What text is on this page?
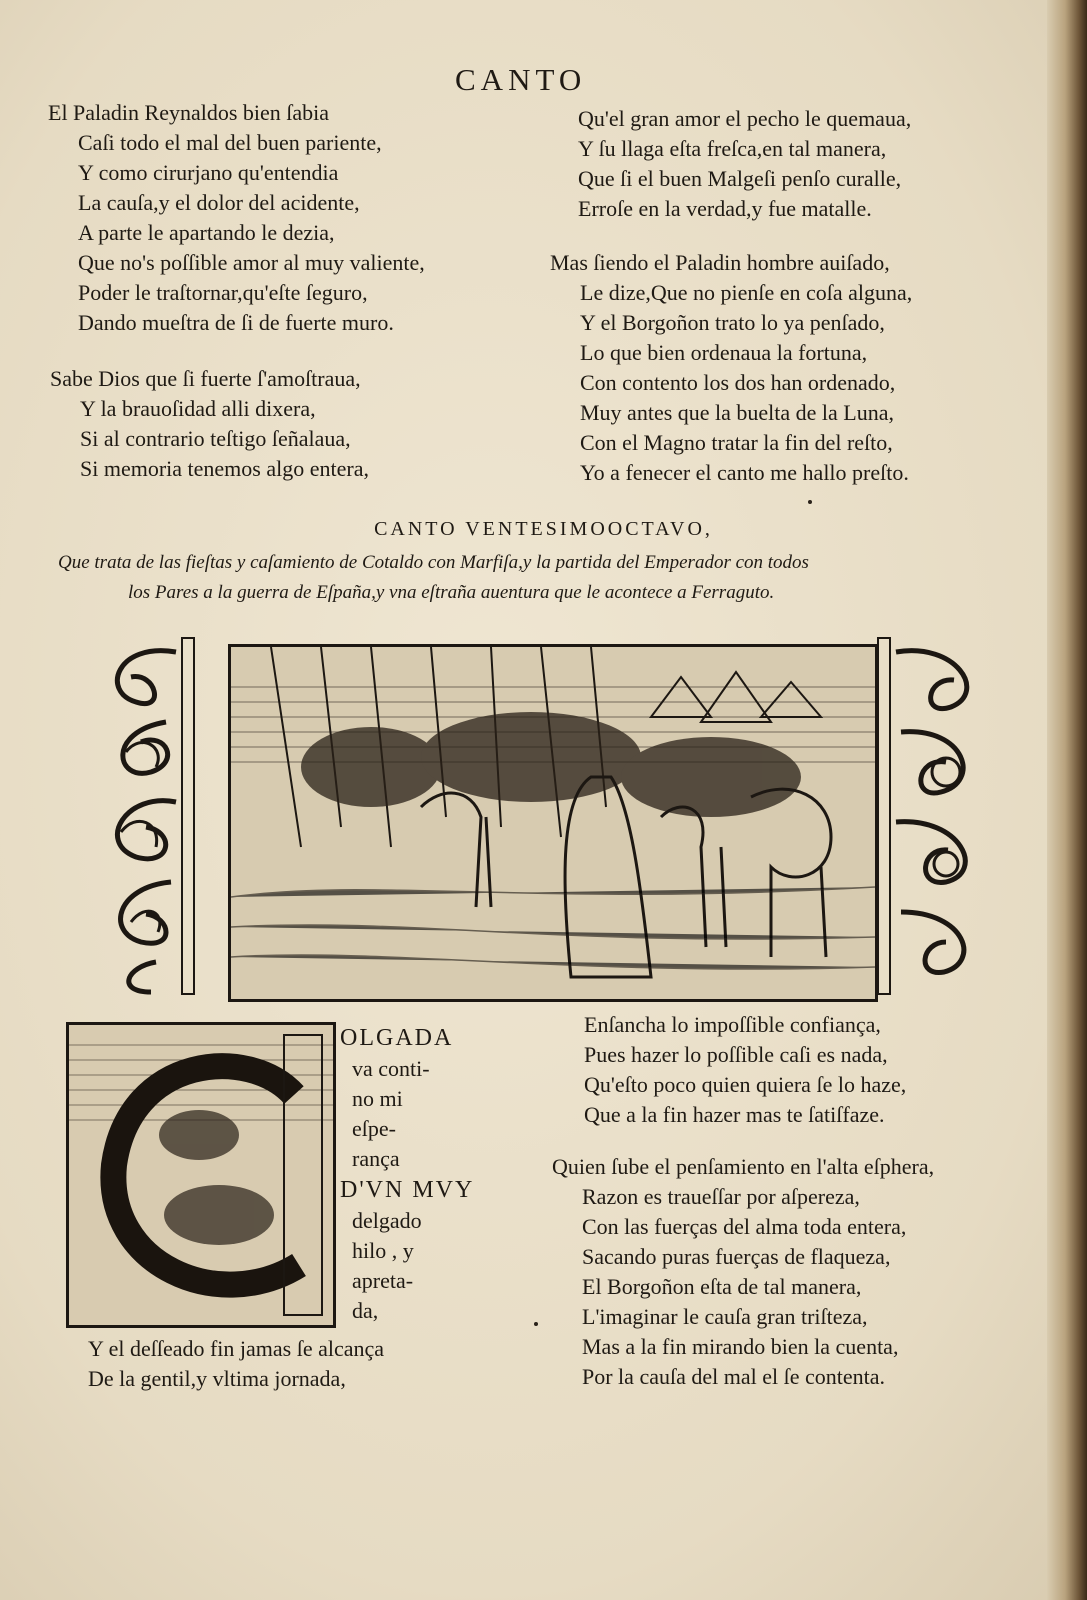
CANTO
El Paladin Reynaldos bien ſabia
Caſi todo el mal del buen pariente,
Y como cirurjano qu'entendia
La cauſa,y el dolor del acidente,
A parte le apartando le dezia,
Que no's poſſible amor al muy valiente,
Poder le traſtornar,qu'eſte ſeguro,
Dando mueſtra de ſi de fuerte muro.
Sabe Dios que ſi fuerte ſ'amoſtraua,
Y la brauoſidad alli dixera,
Si al contrario teſtigo ſeñalaua,
Si memoria tenemos algo entera,
Qu'el gran amor el pecho le quemaua,
Y ſu llaga eſta freſca,en tal manera,
Que ſi el buen Malgeſi penſo curalle,
Erroſe en la verdad,y fue matalle.
Mas ſiendo el Paladin hombre auiſado,
Le dize,Que no pienſe en coſa alguna,
Y el Borgoñon trato lo ya penſado,
Lo que bien ordenaua la fortuna,
Con contento los dos han ordenado,
Muy antes que la buelta de la Luna,
Con el Magno tratar la fin del reſto,
Yo a fenecer el canto me hallo preſto.
CANTO VENTESIMOOCTAVO,
Que trata de las fieſtas y caſamiento de Cotaldo con Marfiſa,y la partida del Emperador con todos
los Pares a la guerra de Eſpaña,y vna eſtraña auentura que le acontece a Ferraguto.
OLGADA
va conti-
no mi
eſpe-
rança
D'VN MVY
delgado
hilo , y
apreta-
da,
Y el deſſeado fin jamas ſe alcança
De la gentil,y vltima jornada,
Enſancha lo impoſſible confiança,
Pues hazer lo poſſible caſi es nada,
Qu'eſto poco quien quiera ſe lo haze,
Que a la fin hazer mas te ſatiſfaze.
Quien ſube el penſamiento en l'alta eſphera,
Razon es traueſſar por aſpereza,
Con las fuerças del alma toda entera,
Sacando puras fuerças de flaqueza,
El Borgoñon eſta de tal manera,
L'imaginar le cauſa gran triſteza,
Mas a la fin mirando bien la cuenta,
Por la cauſa del mal el ſe contenta.
